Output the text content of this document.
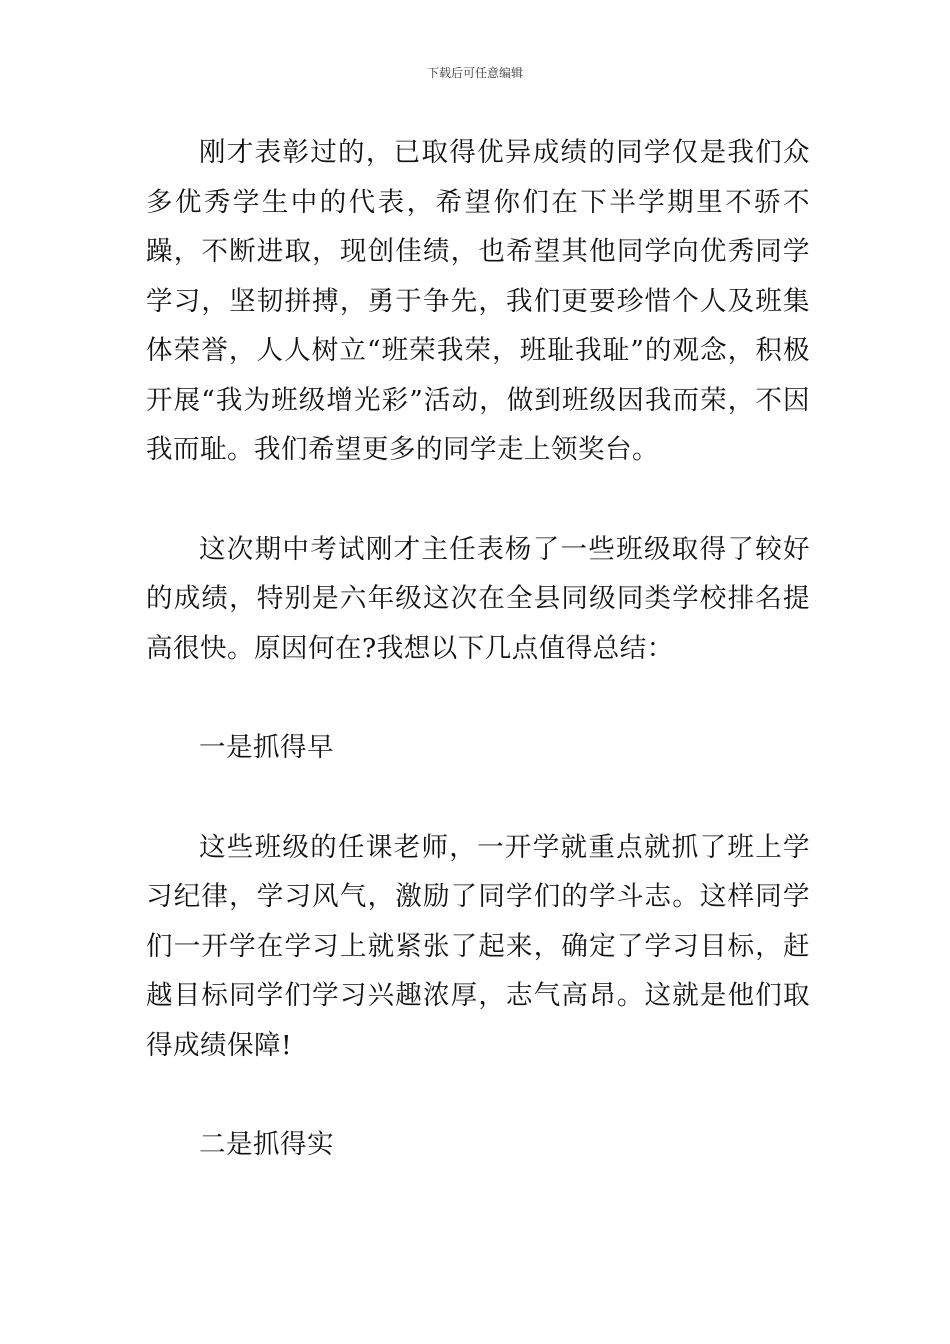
下载后可任意编辑

刚才表彰过的，已取得优异成绩的同学仅是我们众多优秀学生中的代表，希望你们在下半学期里不骄不躁，不断进取，现创佳绩，也希望其他同学向优秀同学学习，坚韧拼搏，勇于争先，我们更要珍惜个人及班集体荣誉，人人树立“班荣我荣，班耻我耻”的观念，积极开展“我为班级增光彩”活动，做到班级因我而荣，不因我而耻。我们希望更多的同学走上领奖台。

这次期中考试刚才主任表杨了一些班级取得了较好的成绩，特别是六年级这次在全县同级同类学校排名提高很快。原因何在?我想以下几点值得总结：

一是抓得早

这些班级的任课老师，一开学就重点就抓了班上学习纪律，学习风气，激励了同学们的学斗志。这样同学们一开学在学习上就紧张了起来，确定了学习目标，赶越目标同学们学习兴趣浓厚，志气高昂。这就是他们取得成绩保障!

二是抓得实
